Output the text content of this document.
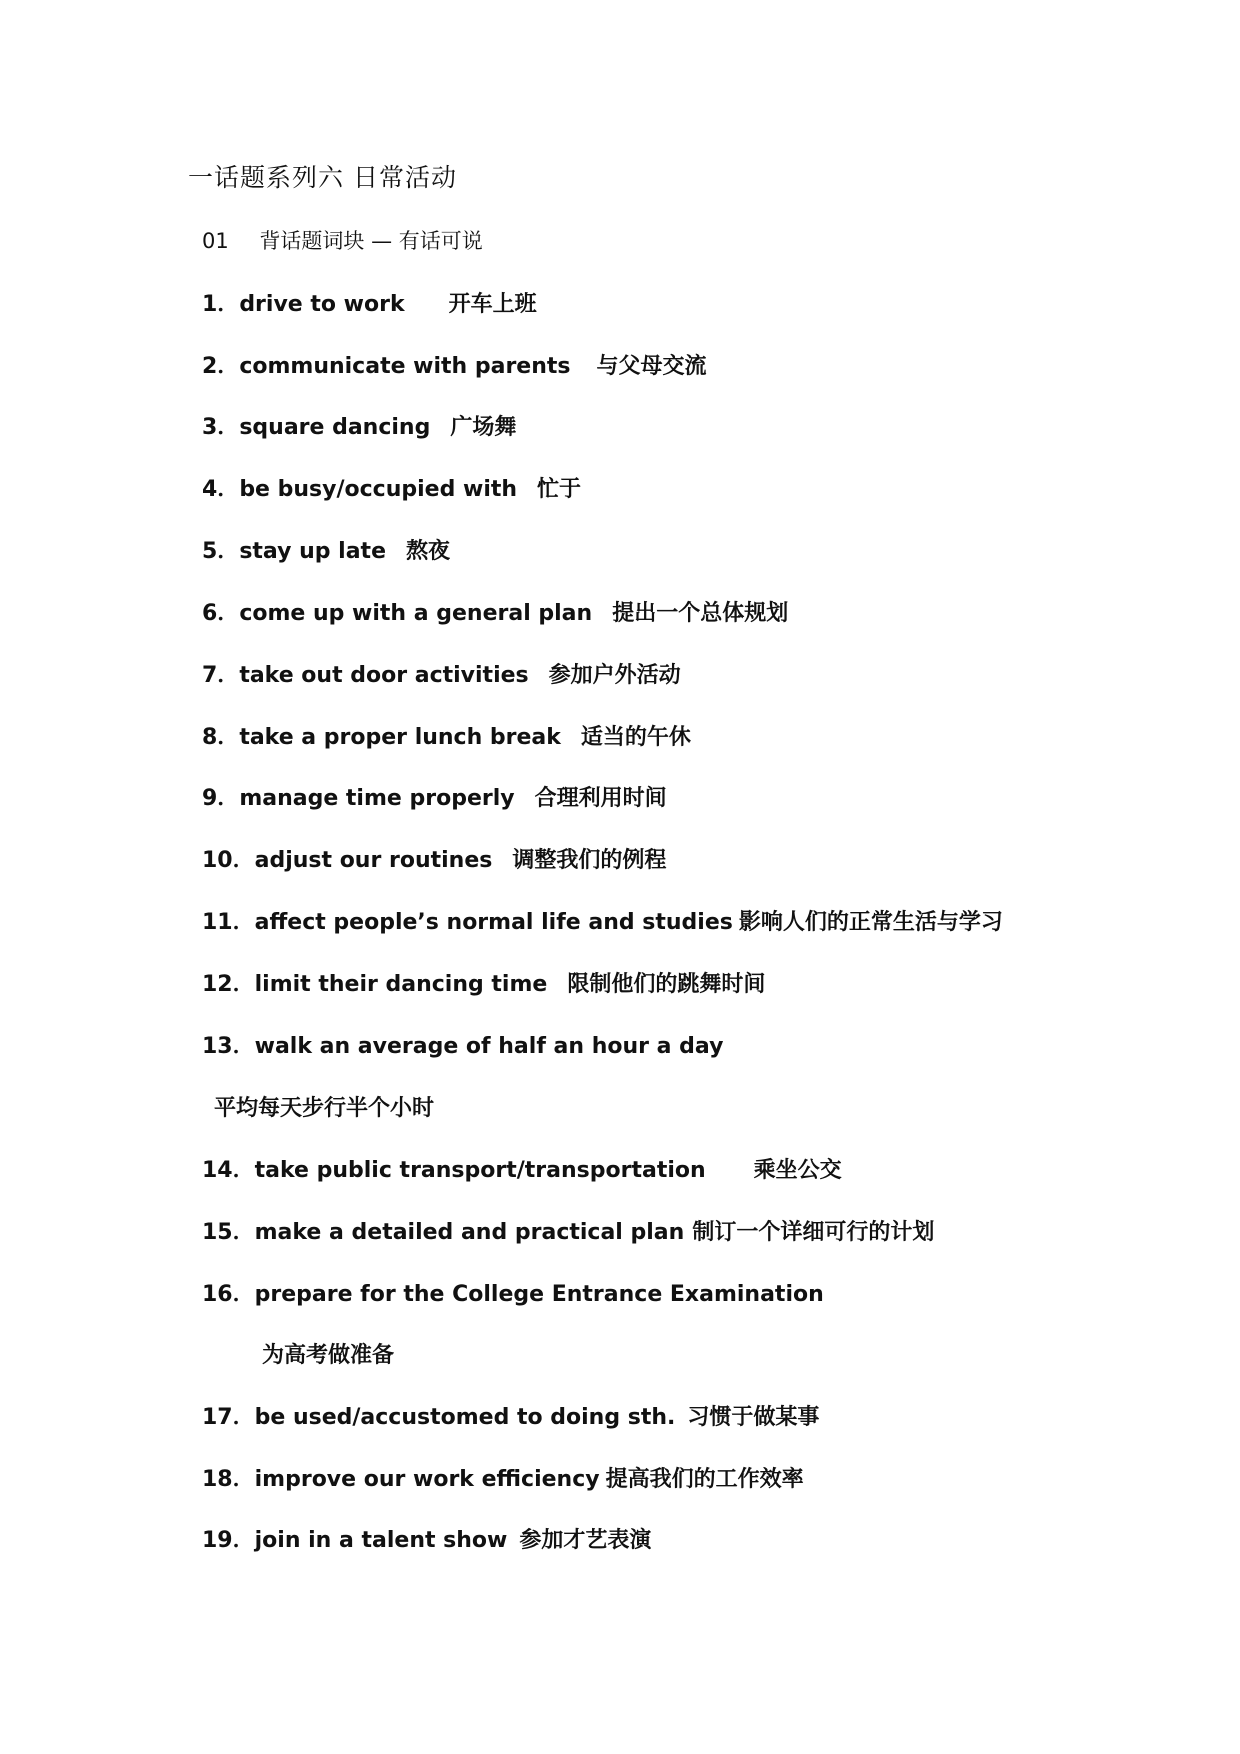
一话题系列六 日常活动
01 背话题词块 — 有话可说
1．drive to work 开车上班
2．communicate with parents 与父母交流
3．square dancing 广场舞
4．be busy/occupied with 忙于
5．stay up late 熬夜
6．come up with a general plan 提出一个总体规划
7．take out door activities 参加户外活动
8．take a proper lunch break 适当的午休
9．manage time properly 合理利用时间
10．adjust our routines 调整我们的例程
11．affect people’s normal life and studies 影响人们的正常生活与学习
12．limit their dancing time 限制他们的跳舞时间
13．walk an average of half an hour a day
平均每天步行半个小时
14．take public transport/transportation 乘坐公交
15．make a detailed and practical plan 制订一个详细可行的计划
16．prepare for the College Entrance Examination
为高考做准备
17．be used/accustomed to doing sth. 习惯于做某事
18．improve our work efficiency 提高我们的工作效率
19．join in a talent show 参加才艺表演
